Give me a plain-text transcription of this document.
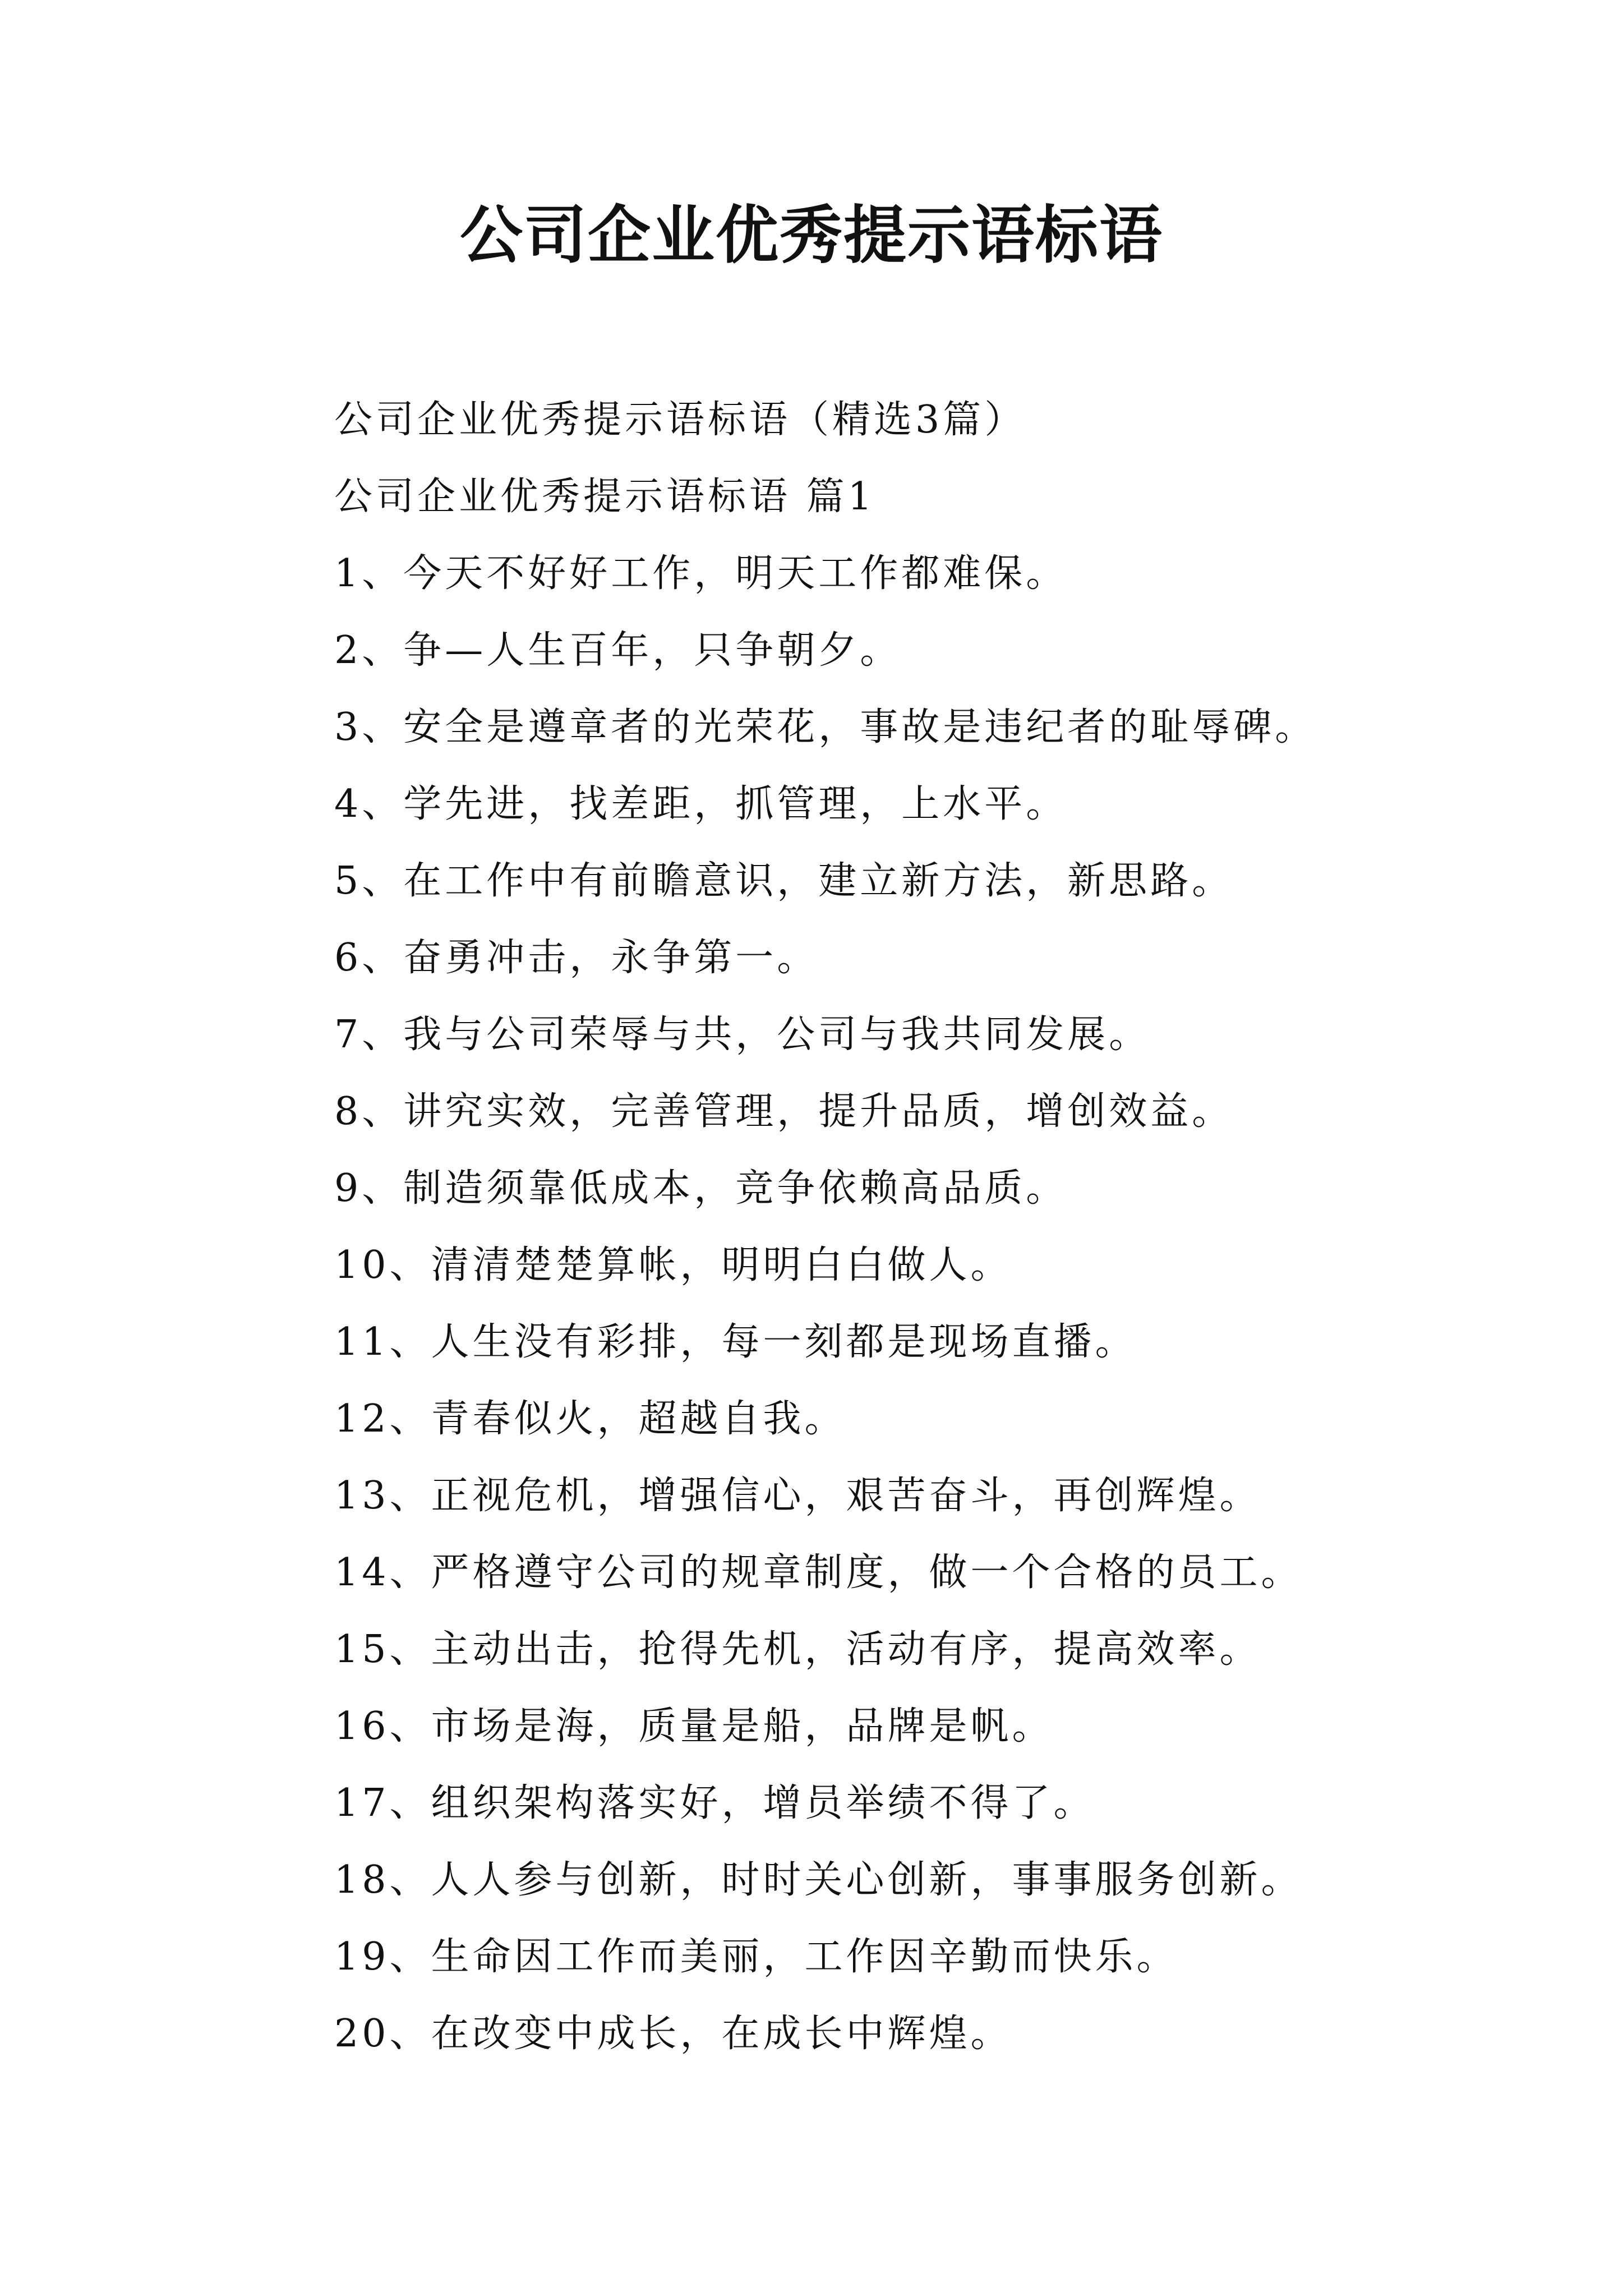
公司企业优秀提示语标语
公司企业优秀提示语标语（精选3篇）
公司企业优秀提示语标语 篇1
1、今天不好好工作，明天工作都难保。
2、争—人生百年，只争朝夕。
3、安全是遵章者的光荣花，事故是违纪者的耻辱碑。
4、学先进，找差距，抓管理，上水平。
5、在工作中有前瞻意识，建立新方法，新思路。
6、奋勇冲击，永争第一。
7、我与公司荣辱与共，公司与我共同发展。
8、讲究实效，完善管理，提升品质，增创效益。
9、制造须靠低成本，竞争依赖高品质。
10、清清楚楚算帐，明明白白做人。
11、人生没有彩排，每一刻都是现场直播。
12、青春似火，超越自我。
13、正视危机，增强信心，艰苦奋斗，再创辉煌。
14、严格遵守公司的规章制度，做一个合格的员工。
15、主动出击，抢得先机，活动有序，提高效率。
16、市场是海，质量是船，品牌是帆。
17、组织架构落实好，增员举绩不得了。
18、人人参与创新，时时关心创新，事事服务创新。
19、生命因工作而美丽，工作因辛勤而快乐。
20、在改变中成长，在成长中辉煌。
